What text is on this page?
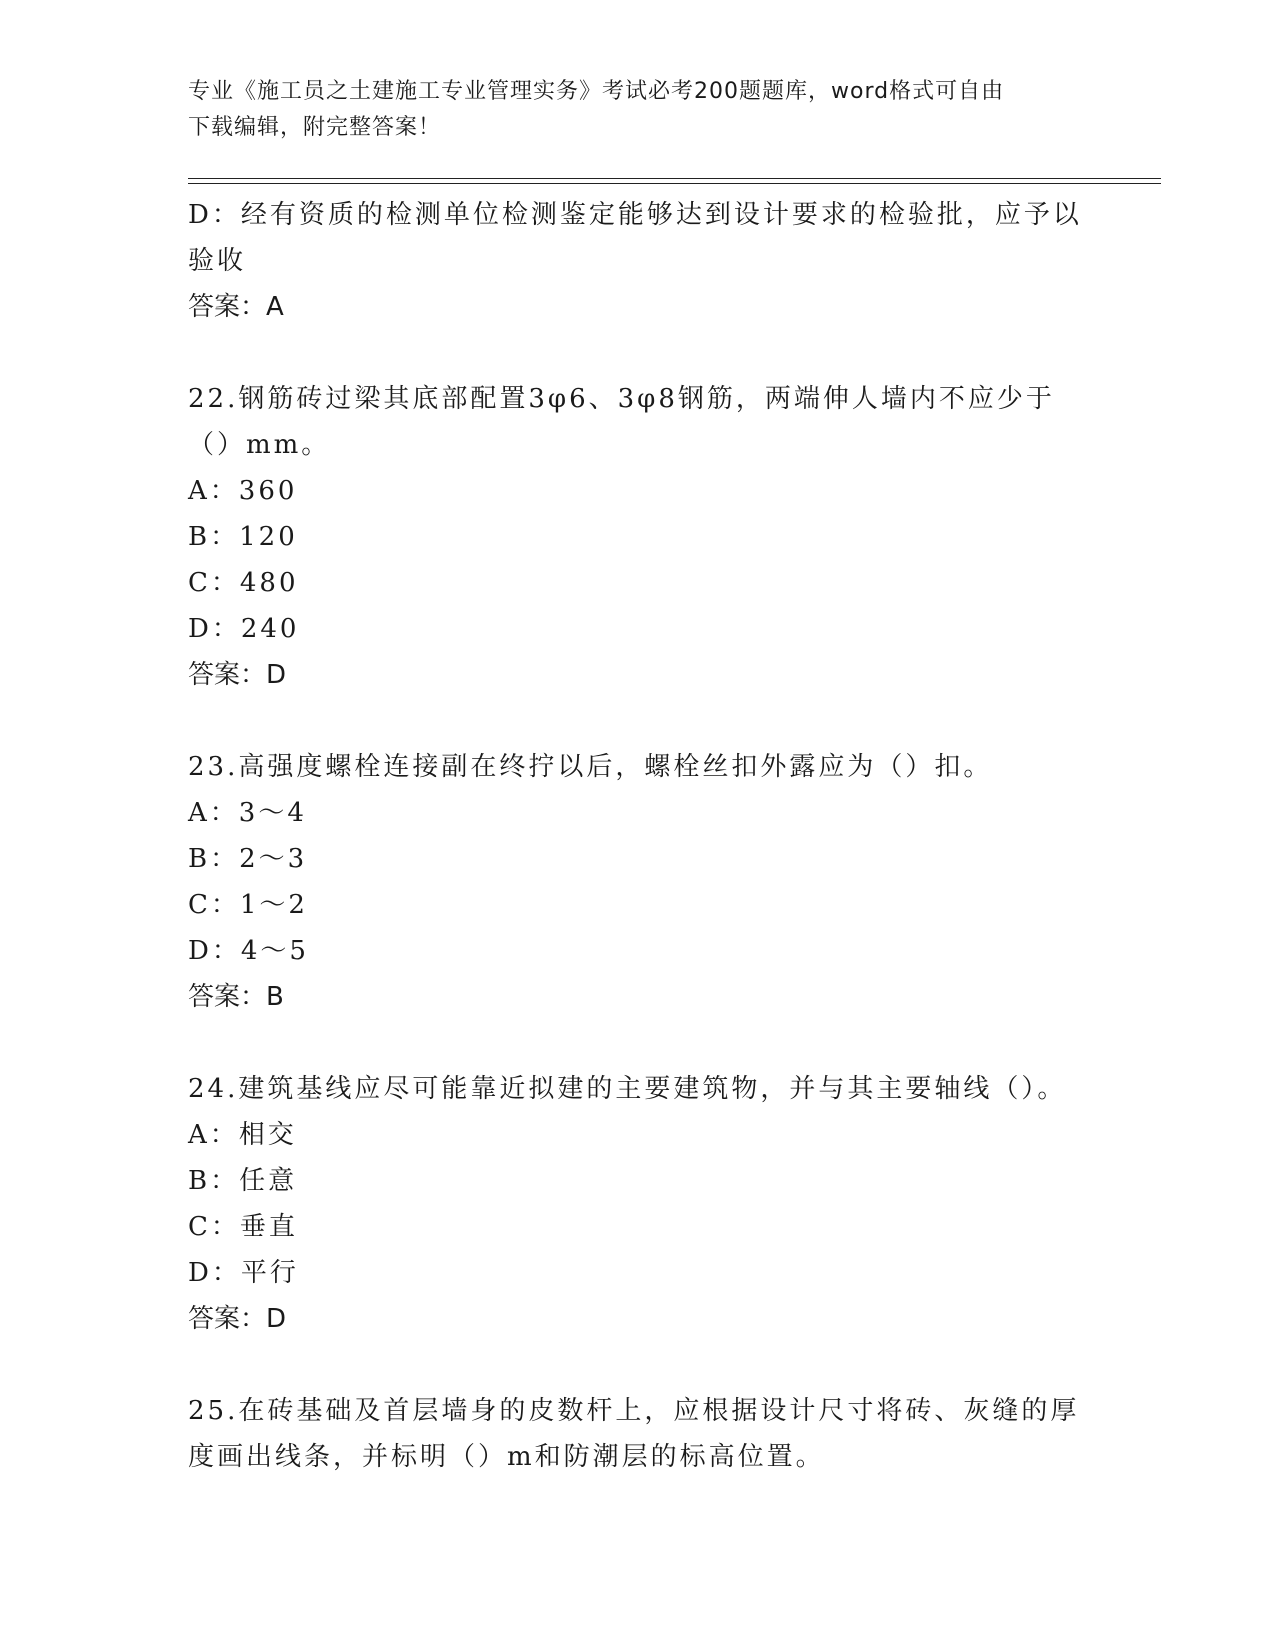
专业《施工员之土建施工专业管理实务》考试必考200题题库，word格式可自由
下载编辑，附完整答案！

D：经有资质的检测单位检测鉴定能够达到设计要求的检验批，应予以

验收

答案：A

22.钢筋砖过梁其底部配置3φ6、3φ8钢筋，两端伸人墙内不应少于

（）mm。

A：360

B：120

C：480

D：240

答案：D

23.高强度螺栓连接副在终拧以后，螺栓丝扣外露应为（）扣。

A：3～4

B：2～3

C：1～2

D：4～5

答案：B

24.建筑基线应尽可能靠近拟建的主要建筑物，并与其主要轴线（）。

A：相交

B：任意

C：垂直

D：平行

答案：D

25.在砖基础及首层墙身的皮数杆上，应根据设计尺寸将砖、灰缝的厚

度画出线条，并标明（）m和防潮层的标高位置。
